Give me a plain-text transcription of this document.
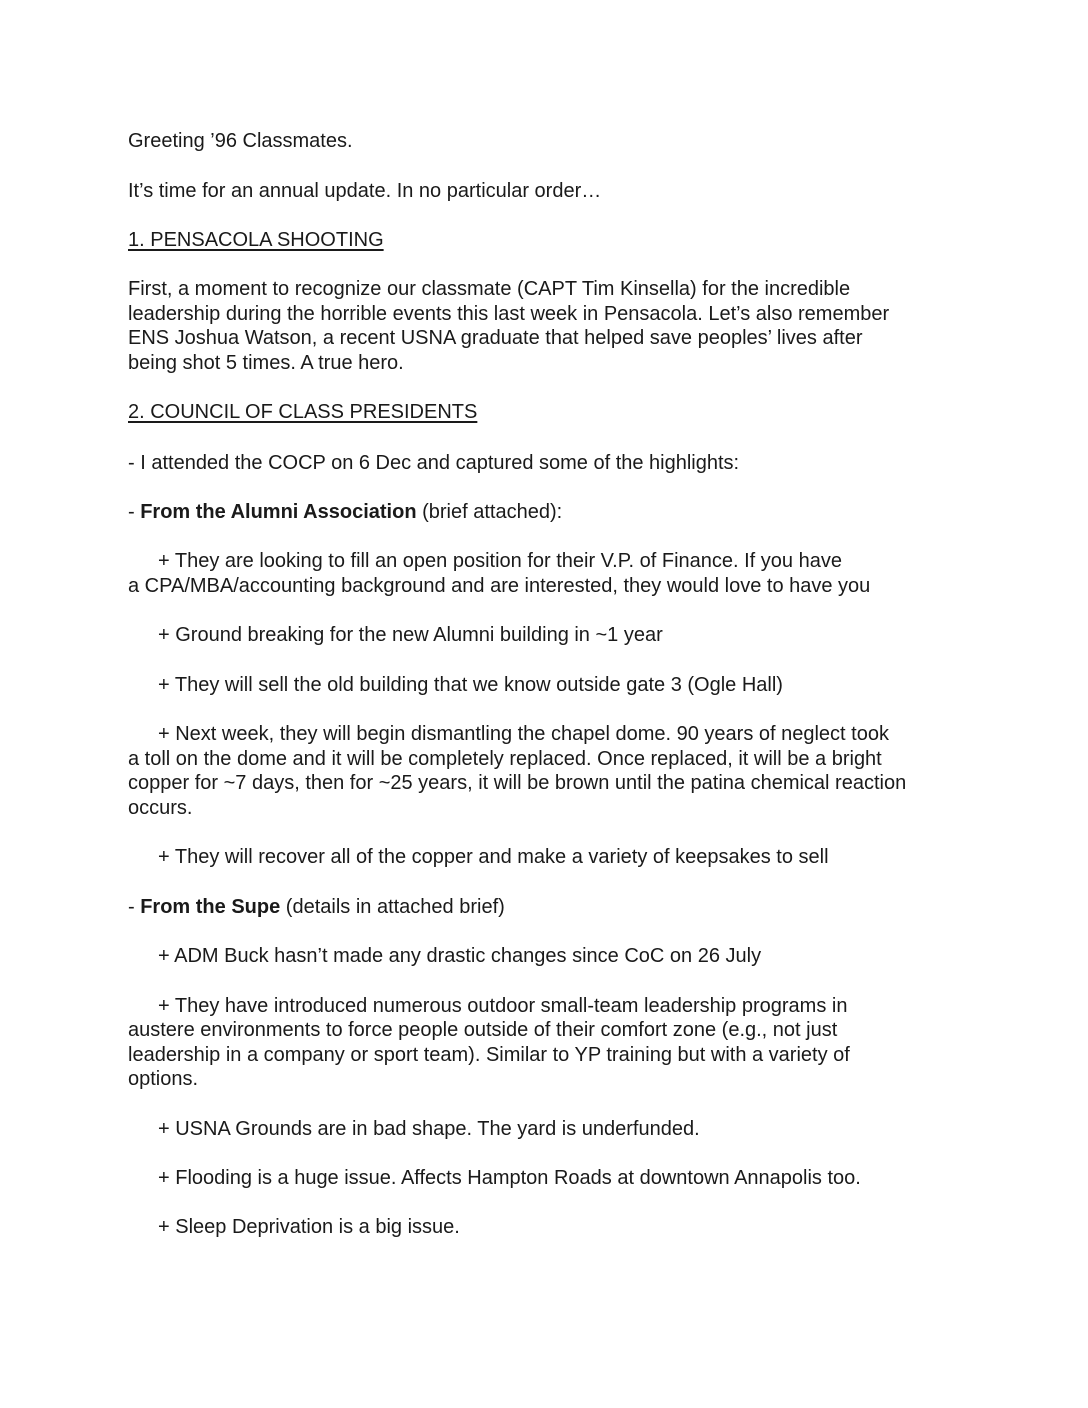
Greeting ’96 Classmates.
It’s time for an annual update. In no particular order…
1. PENSACOLA SHOOTING
First, a moment to recognize our classmate (CAPT Tim Kinsella) for the incredible
leadership during the horrible events this last week in Pensacola. Let’s also remember
ENS Joshua Watson, a recent USNA graduate that helped save peoples’ lives after
being shot 5 times. A true hero.
2. COUNCIL OF CLASS PRESIDENTS
- I attended the COCP on 6 Dec and captured some of the highlights:
- From the Alumni Association (brief attached):
+ They are looking to fill an open position for their V.P. of Finance. If you have
a CPA/MBA/accounting background and are interested, they would love to have you
+ Ground breaking for the new Alumni building in ~1 year
+ They will sell the old building that we know outside gate 3 (Ogle Hall)
+ Next week, they will begin dismantling the chapel dome. 90 years of neglect took
a toll on the dome and it will be completely replaced. Once replaced, it will be a bright
copper for ~7 days, then for ~25 years, it will be brown until the patina chemical reaction
occurs.
+ They will recover all of the copper and make a variety of keepsakes to sell
- From the Supe (details in attached brief)
+ ADM Buck hasn’t made any drastic changes since CoC on 26 July
+ They have introduced numerous outdoor small-team leadership programs in
austere environments to force people outside of their comfort zone (e.g., not just
leadership in a company or sport team). Similar to YP training but with a variety of
options.
+ USNA Grounds are in bad shape. The yard is underfunded.
+ Flooding is a huge issue. Affects Hampton Roads at downtown Annapolis too.
+ Sleep Deprivation is a big issue.
